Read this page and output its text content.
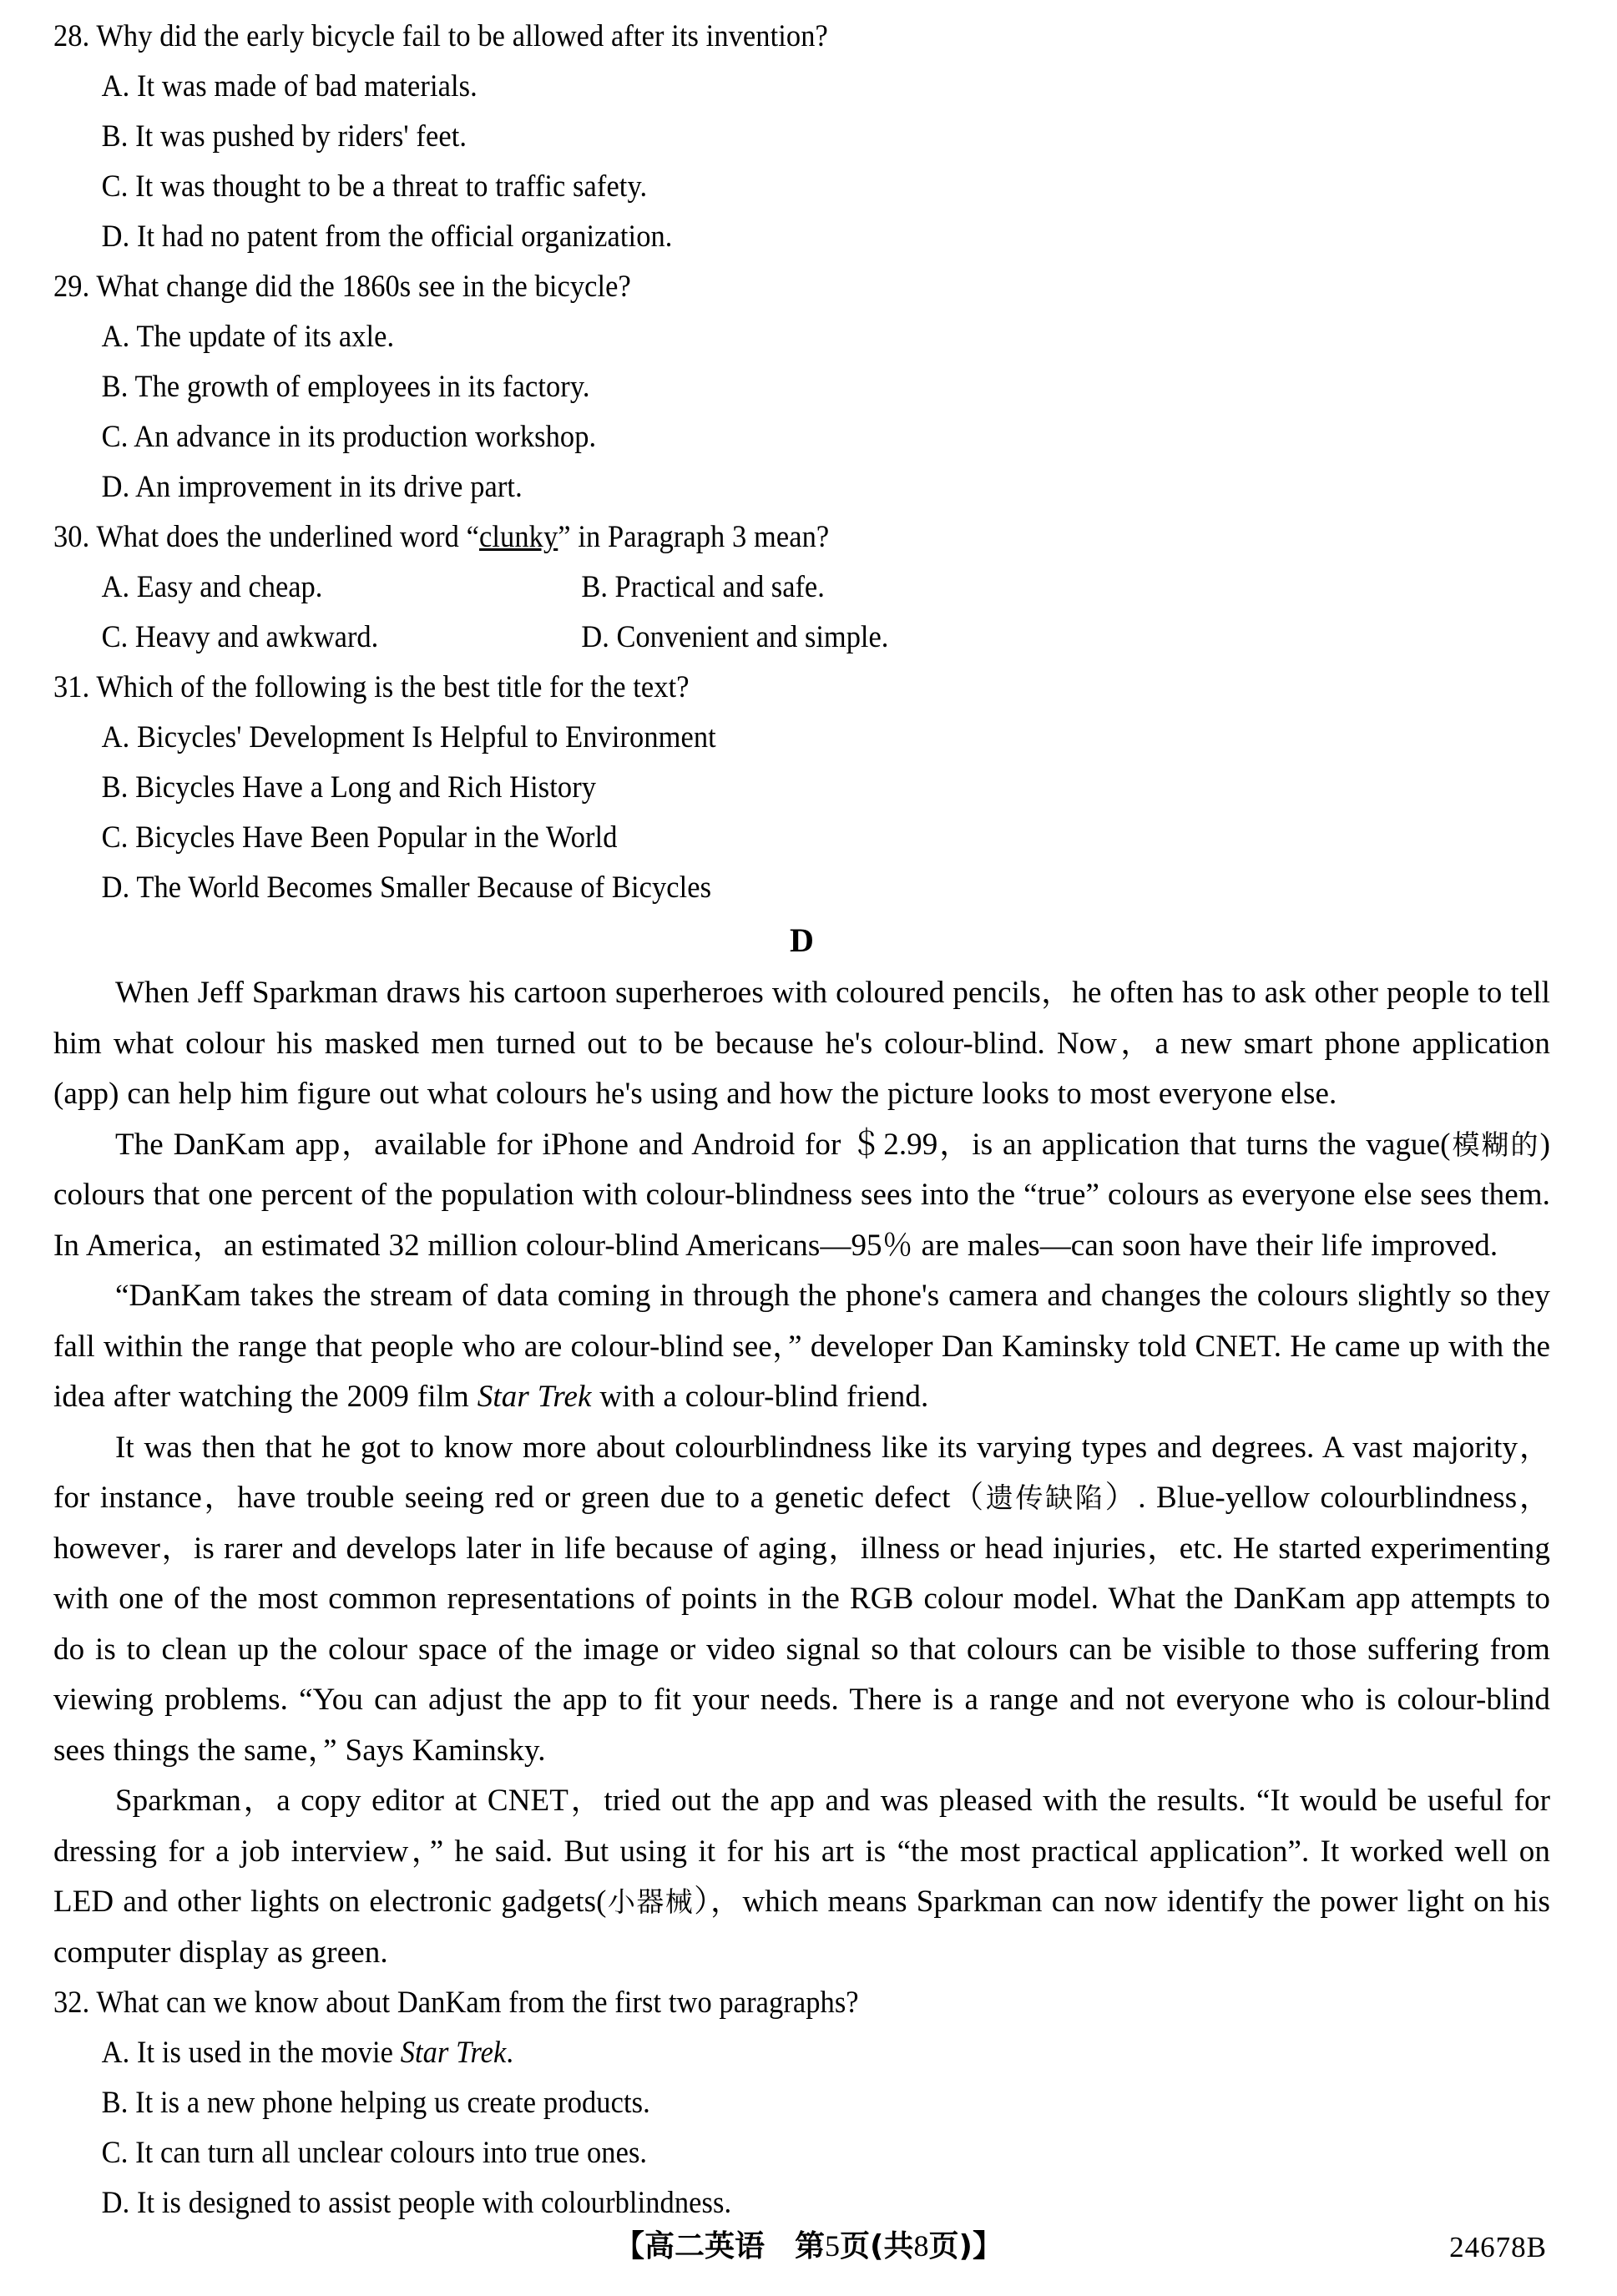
28. Why did the early bicycle fail to be allowed after its invention?
A. It was made of bad materials.
B. It was pushed by riders' feet.
C. It was thought to be a threat to traffic safety.
D. It had no patent from the official organization.
29. What change did the 1860s see in the bicycle?
A. The update of its axle.
B. The growth of employees in its factory.
C. An advance in its production workshop.
D. An improvement in its drive part.
30. What does the underlined word “clunky” in Paragraph 3 mean?
A. Easy and cheap.	B. Practical and safe.
C. Heavy and awkward.	D. Convenient and simple.
31. Which of the following is the best title for the text?
A. Bicycles' Development Is Helpful to Environment
B. Bicycles Have a Long and Rich History
C. Bicycles Have Been Popular in the World
D. The World Becomes Smaller Because of Bicycles
D

When Jeff Sparkman draws his cartoon superheroes with coloured pencils，he often has to ask other people to tell him what colour his masked men turned out to be because he's colour-blind. Now，a new smart phone application (app) can help him figure out what colours he's using and how the picture looks to most everyone else.

The DanKam app，available for iPhone and Android for ＄2.99，is an application that turns the vague(模糊的) colours that one percent of the population with colour-blindness sees into the “true” colours as everyone else sees them. In America，an estimated 32 million colour-blind Americans—95％ are males—can soon have their life improved.

“DanKam takes the stream of data coming in through the phone's camera and changes the colours slightly so they fall within the range that people who are colour-blind see，” developer Dan Kaminsky told CNET. He came up with the idea after watching the 2009 film Star Trek with a colour-blind friend.

It was then that he got to know more about colourblindness like its varying types and degrees. A vast majority，for instance，have trouble seeing red or green due to a genetic defect（遗传缺陷）. Blue-yellow colourblindness，however，is rarer and develops later in life because of aging，illness or head injuries，etc. He started experimenting with one of the most common representations of points in the RGB colour model. What the DanKam app attempts to do is to clean up the colour space of the image or video signal so that colours can be visible to those suffering from viewing problems. “You can adjust the app to fit your needs. There is a range and not everyone who is colour-blind sees things the same，” Says Kaminsky.

Sparkman，a copy editor at CNET，tried out the app and was pleased with the results. “It would be useful for dressing for a job interview，” he said. But using it for his art is “the most practical application”. It worked well on LED and other lights on electronic gadgets(小器械），which means Sparkman can now identify the power light on his computer display as green.

32. What can we know about DanKam from the first two paragraphs?
A. It is used in the movie Star Trek.
B. It is a new phone helping us create products.
C. It can turn all unclear colours into true ones.
D. It is designed to assist people with colourblindness.
【高二英语　第5页(共8页)】	24678B
